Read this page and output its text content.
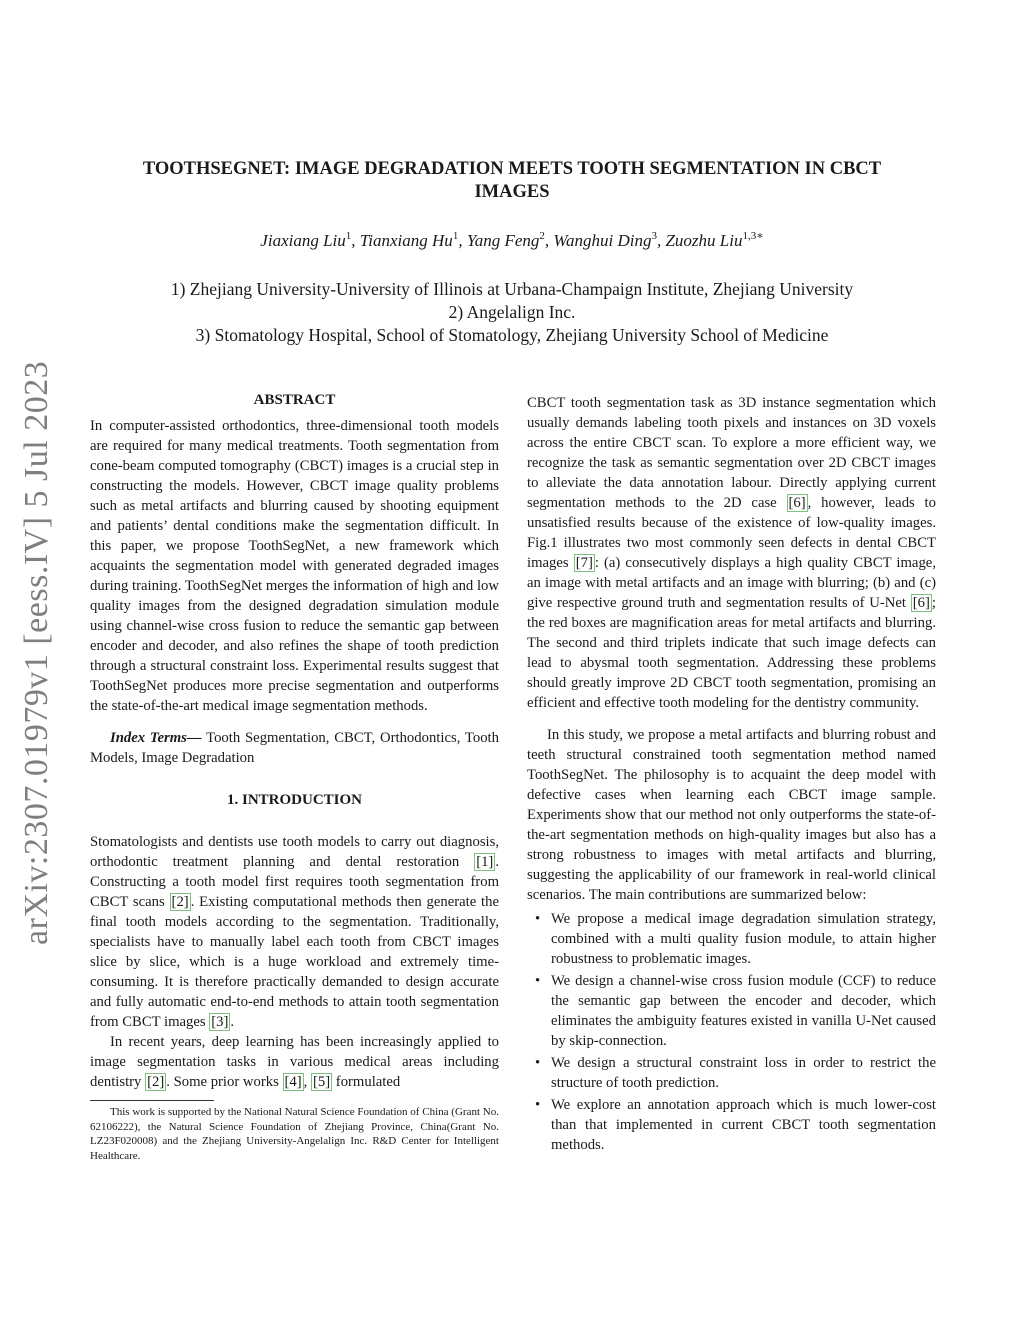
arXiv:2307.01979v1 [eess.IV] 5 Jul 2023
TOOTHSEGNET: IMAGE DEGRADATION MEETS TOOTH SEGMENTATION IN CBCT
IMAGES
Jiaxiang Liu$^1$, Tianxiang Hu$^1$, Yang Feng$^2$, Wanghui Ding$^3$, Zuozhu Liu$^{1,3∗}$
1) Zhejiang University-University of Illinois at Urbana-Champaign Institute, Zhejiang University
2) Angelalign Inc.
3) Stomatology Hospital, School of Stomatology, Zhejiang University School of Medicine
ABSTRACT

In computer-assisted orthodontics, three-dimensional tooth models are required for many medical treatments. Tooth segmentation from cone-beam computed tomography (CBCT) images is a crucial step in constructing the models. However, CBCT image quality problems such as metal artifacts and blurring caused by shooting equipment and patients’ dental conditions make the segmentation difficult. In this paper, we propose ToothSegNet, a new framework which acquaints the segmentation model with generated degraded images during training. ToothSegNet merges the information of high and low quality images from the designed degradation simulation module using channel-wise cross fusion to reduce the semantic gap between encoder and decoder, and also refines the shape of tooth prediction through a structural constraint loss. Experimental results suggest that ToothSegNet produces more precise segmentation and outperforms the state-of-the-art medical image segmentation methods.

Index Terms— Tooth Segmentation, CBCT, Orthodontics, Tooth Models, Image Degradation

1. INTRODUCTION

Stomatologists and dentists use tooth models to carry out diagnosis, orthodontic treatment planning and dental restoration [1] . Constructing a tooth model first requires tooth segmentation from CBCT scans [2] . Existing computational methods then generate the final tooth models according to the segmentation. Traditionally, specialists have to manually label each tooth from CBCT images slice by slice, which is a huge workload and extremely time-consuming. It is therefore practically demanded to design accurate and fully automatic end-to-end methods to attain tooth segmentation from CBCT images [3] .

In recent years, deep learning has been increasingly applied to image segmentation tasks in various medical areas including dentistry [2] . Some prior works [4] , [5] formulated

This work is supported by the National Natural Science Foundation of China (Grant No. 62106222), the Natural Science Foundation of Zhejiang Province, China(Grant No. LZ23F020008) and the Zhejiang University-Angelalign Inc. R&D Center for Intelligent Healthcare.

CBCT tooth segmentation task as 3D instance segmentation which usually demands labeling tooth pixels and instances on 3D voxels across the entire CBCT scan. To explore a more efficient way, we recognize the task as semantic segmentation over 2D CBCT images to alleviate the data annotation labour. Directly applying current segmentation methods to the 2D case [6] , however, leads to unsatisfied results because of the existence of low-quality images. Fig.1 illustrates two most commonly seen defects in dental CBCT images [7] : (a) consecutively displays a high quality CBCT image, an image with metal artifacts and an image with blurring; (b) and (c) give respective ground truth and segmentation results of U-Net [6] ; the red boxes are magnification areas for metal artifacts and blurring. The second and third triplets indicate that such image defects can lead to abysmal tooth segmentation. Addressing these problems should greatly improve 2D CBCT tooth segmentation, promising an efficient and effective tooth modeling for the dentistry community.

In this study, we propose a metal artifacts and blurring robust and teeth structural constrained tooth segmentation method named ToothSegNet. The philosophy is to acquaint the deep model with defective cases when learning each CBCT image sample. Experiments show that our method not only outperforms the state-of-the-art segmentation methods on high-quality images but also has a strong robustness to images with metal artifacts and blurring, suggesting the applicability of our framework in real-world clinical scenarios. The main contributions are summarized below:

• We propose a medical image degradation simulation strategy, combined with a multi quality fusion module, to attain higher robustness to problematic images.
• We design a channel-wise cross fusion module (CCF) to reduce the semantic gap between the encoder and decoder, which eliminates the ambiguity features existed in vanilla U-Net caused by skip-connection.
• We design a structural constraint loss in order to restrict the structure of tooth prediction.
• We explore an annotation approach which is much lower-cost than that implemented in current CBCT tooth segmentation methods.
